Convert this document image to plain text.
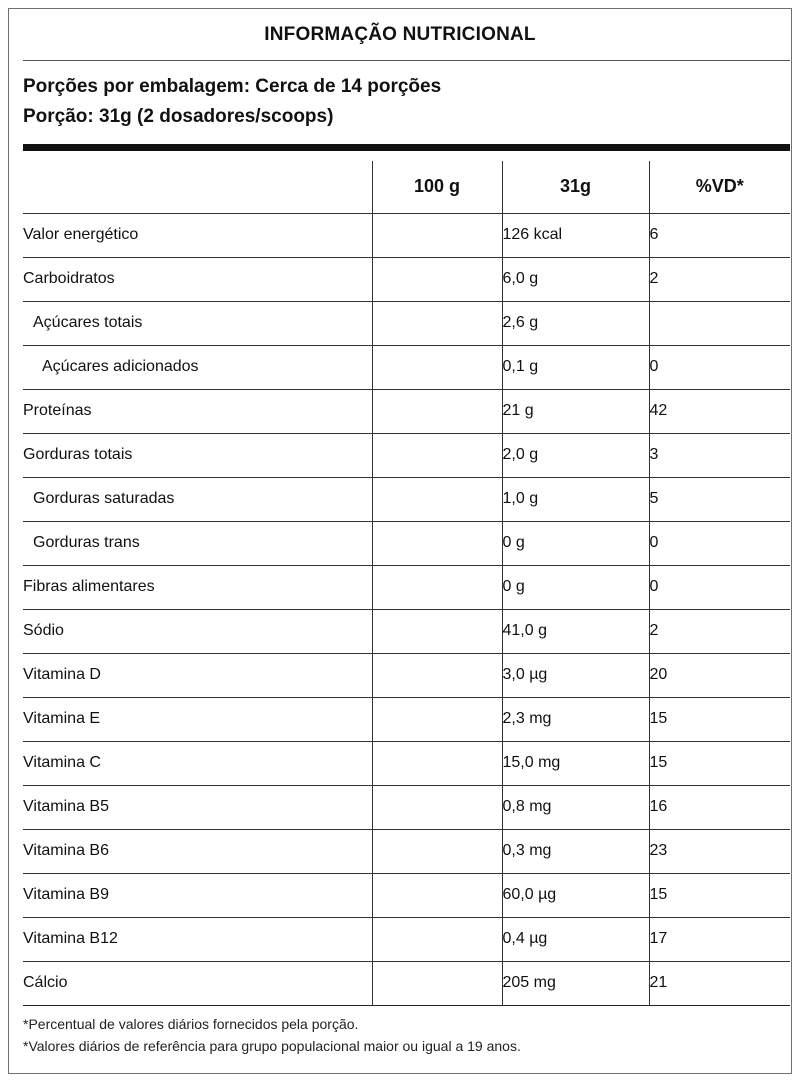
INFORMAÇÃO NUTRICIONAL
Porções por embalagem: Cerca de 14 porções
Porção: 31g (2 dosadores/scoops)
	100 g	31g	%VD*
Valor energético		126 kcal	6
Carboidratos		6,0 g	2
Açúcares totais		2,6 g	
Açúcares adicionados		0,1 g	0
Proteínas		21 g	42
Gorduras totais		2,0 g	3
Gorduras saturadas		1,0 g	5
Gorduras trans		0 g	0
Fibras alimentares		0 g	0
Sódio		41,0 g	2
Vitamina D		3,0 µg	20
Vitamina E		2,3 mg	15
Vitamina C		15,0 mg	15
Vitamina B5		0,8 mg	16
Vitamina B6		0,3 mg	23
Vitamina B9		60,0 µg	15
Vitamina B12		0,4 µg	17
Cálcio		205 mg	21
*Percentual de valores diários fornecidos pela porção.
*Valores diários de referência para grupo populacional maior ou igual a 19 anos.
